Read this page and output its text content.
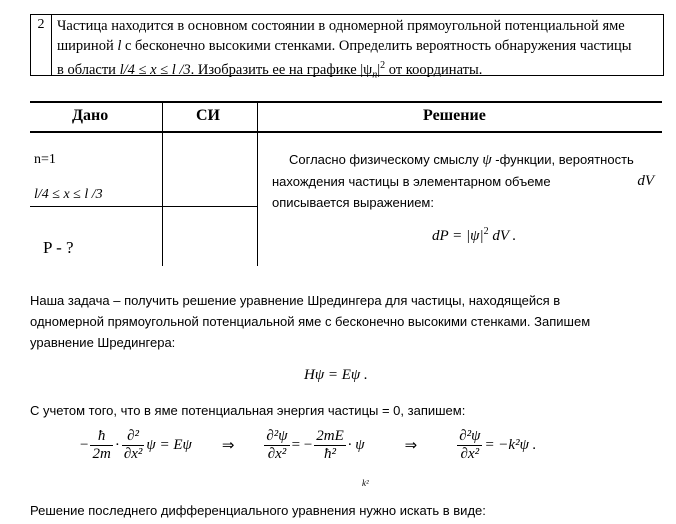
2 Частица находится в основном состоянии в одномерной прямоугольной потенциальной яме
шириной l с бесконечно высокими стенками. Определить вероятность обнаружения частицы
в области l/4 ≤ x ≤ l /3. Изобразить ее на графике $|\psi_n|^2$ от координаты.
Дано	СИ	Решение
n=1
l/4 ≤ x ≤ l /3
P - ?
Согласно физическому смыслу ψ -функции, вероятность
нахождения частицы в элементарном объеме	dV
описывается выражением:
dP = $|\psi|^2$ dV .
Наша задача – получить решение уравнение Шредингера для частицы, находящейся в
одномерной прямоугольной потенциальной яме с бесконечно высокими стенками. Запишем
уравнение Шредингера:
Hψ = Eψ .
С учетом того, что в яме потенциальная энергия частицы = 0, запишем:
− $\frac{ħ}{2m} \cdot \frac{\text{∂²}}{\text{∂x²}}$ ψ = Eψ ⇒ $\frac{\text{∂²ψ}}{\text{∂x²}}$ = − $\frac{2mE}{\text{ħ²}} \cdot \psi$	⇒	$\frac{\text{∂²ψ}}{\text{∂x²}} = -k^2\psi$ .
k²
Решение последнего дифференциального уравнения нужно искать в виде:
